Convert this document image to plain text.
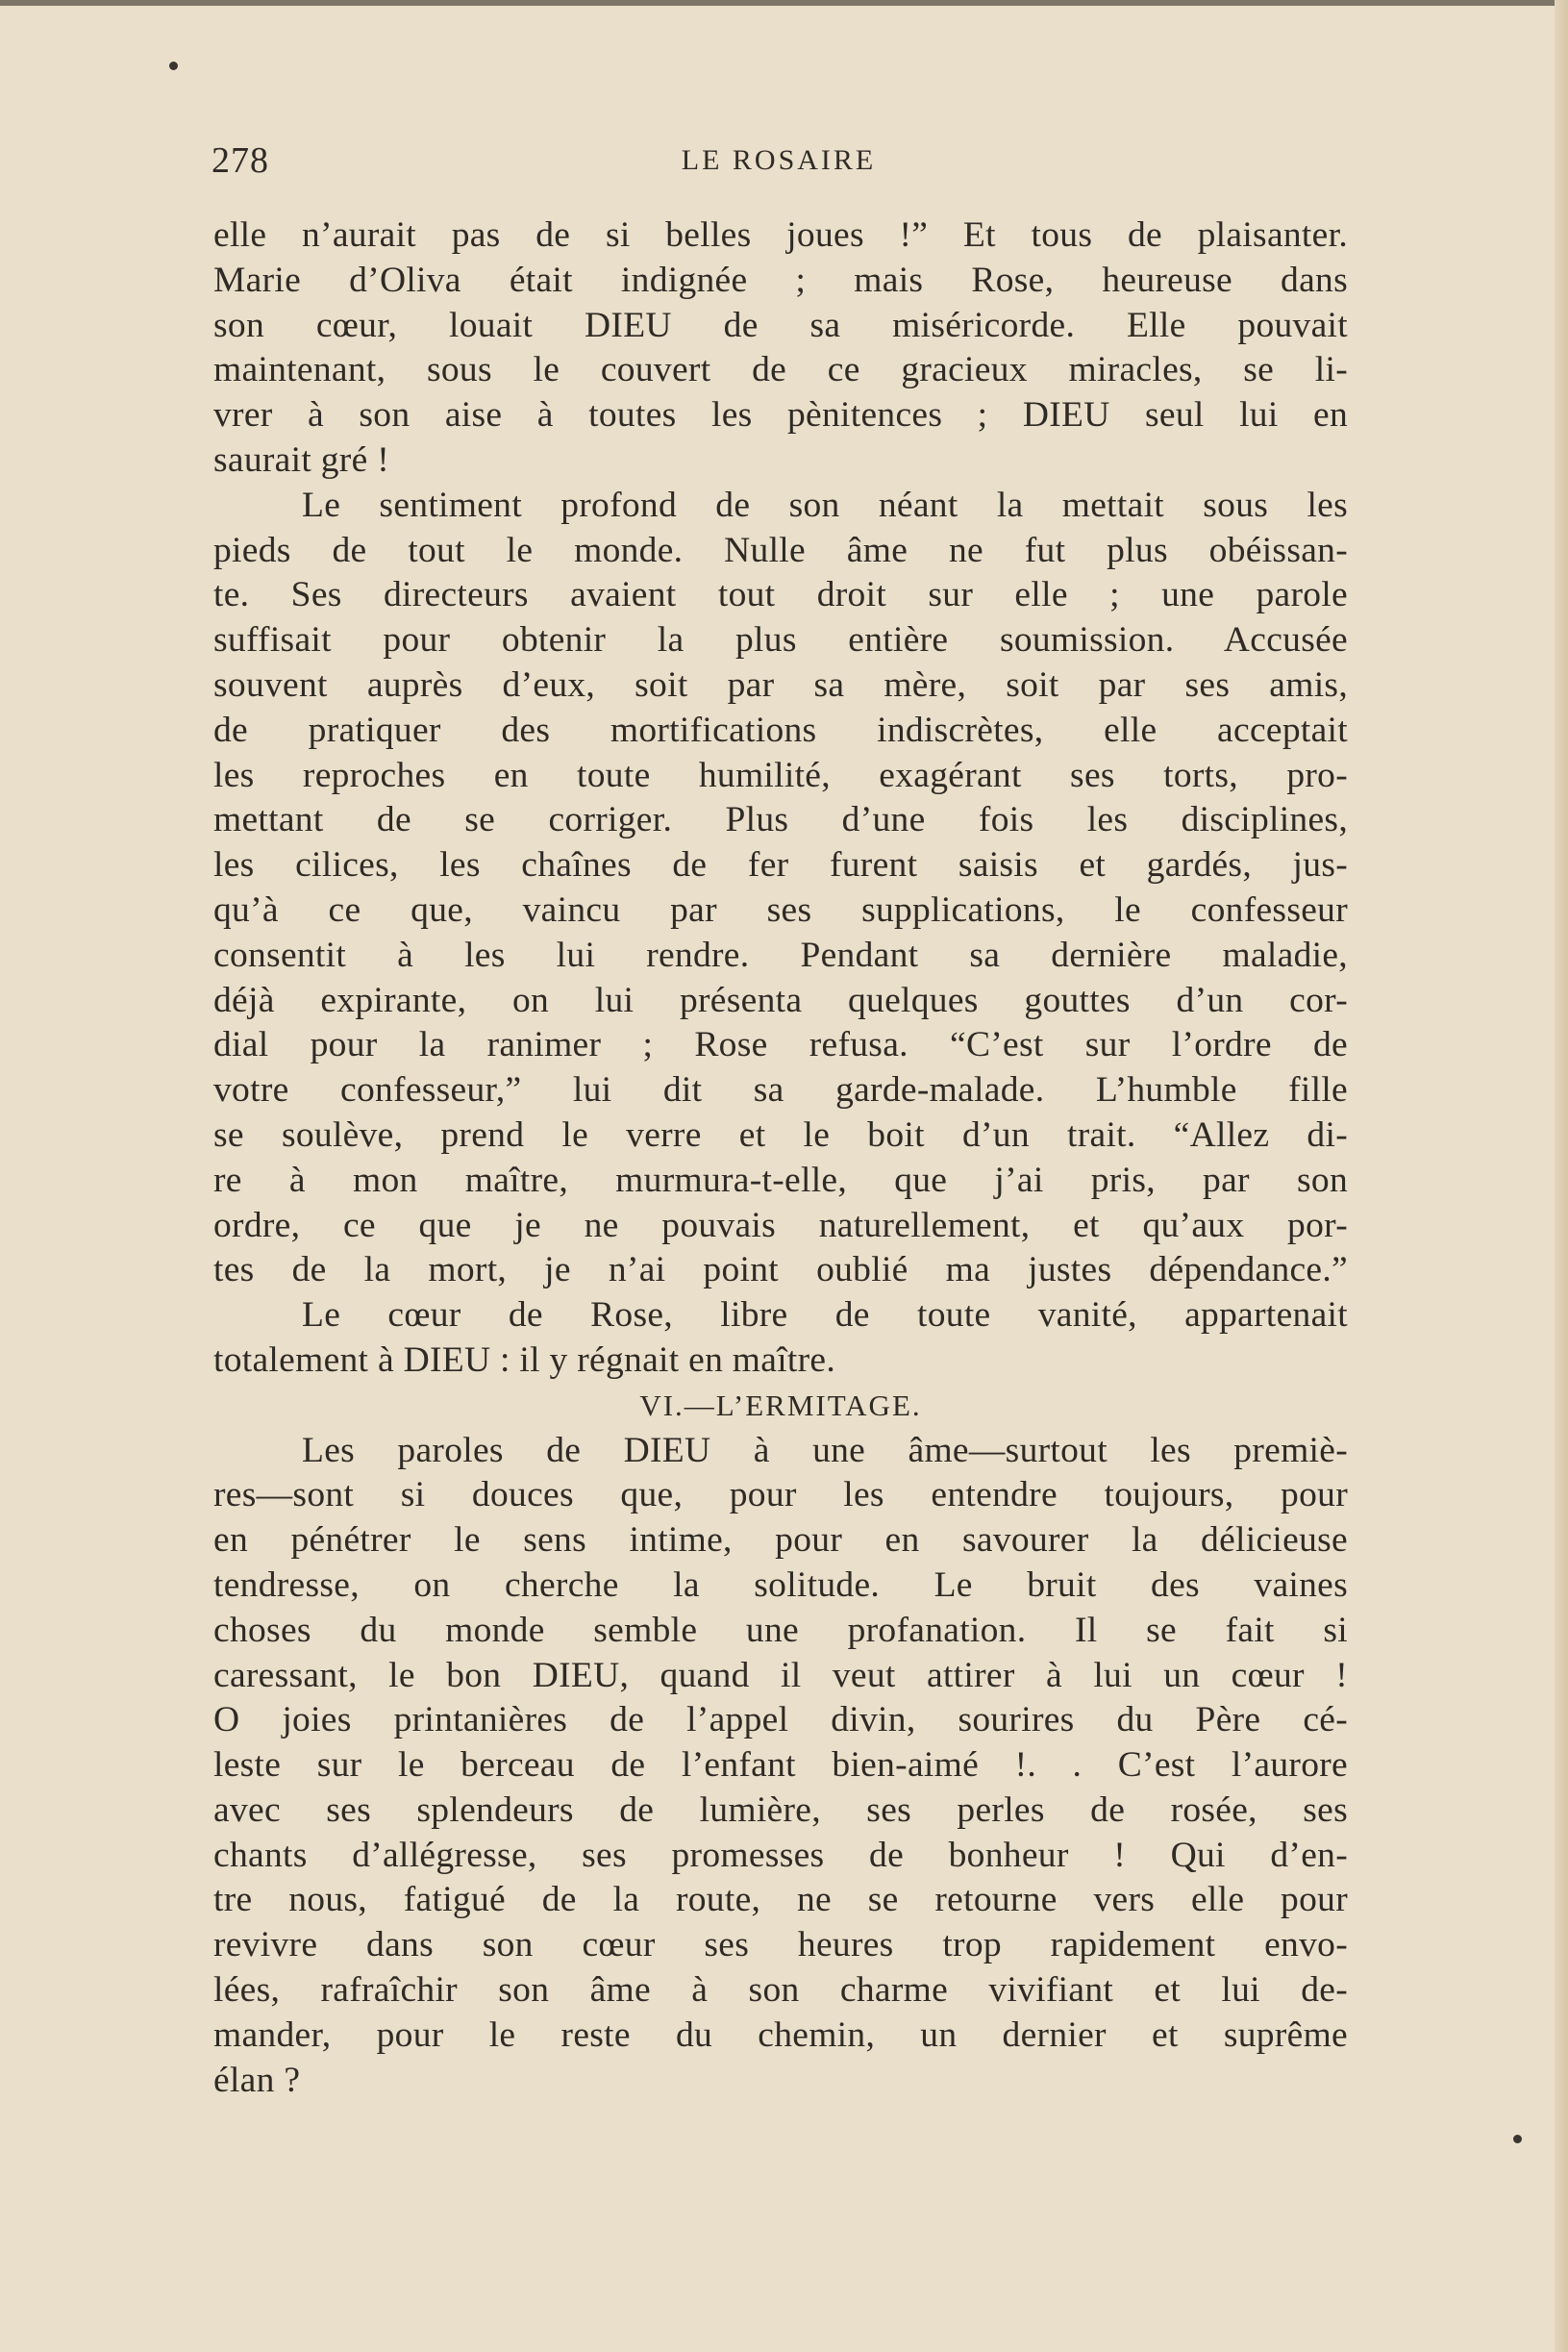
278	LE ROSAIRE
elle n’aurait pas de si belles joues !” Et tous de plaisanter.
Marie d’Oliva était indignée ; mais Rose, heureuse dans
son cœur, louait DIEU de sa miséricorde. Elle pouvait
maintenant, sous le couvert de ce gracieux miracles, se li-
vrer à son aise à toutes les pènitences ; DIEU seul lui en
saurait gré !
Le sentiment profond de son néant la mettait sous les
pieds de tout le monde. Nulle âme ne fut plus obéissan-
te. Ses directeurs avaient tout droit sur elle ; une parole
suffisait pour obtenir la plus entière soumission. Accusée
souvent auprès d’eux, soit par sa mère, soit par ses amis,
de pratiquer des mortifications indiscrètes, elle acceptait
les reproches en toute humilité, exagérant ses torts, pro-
mettant de se corriger. Plus d’une fois les disciplines,
les cilices, les chaînes de fer furent saisis et gardés, jus-
qu’à ce que, vaincu par ses supplications, le confesseur
consentit à les lui rendre. Pendant sa dernière maladie,
déjà expirante, on lui présenta quelques gouttes d’un cor-
dial pour la ranimer ; Rose refusa. “C’est sur l’ordre de
votre confesseur,” lui dit sa garde-malade. L’humble fille
se soulève, prend le verre et le boit d’un trait. “Allez di-
re à mon maître, murmura-t-elle, que j’ai pris, par son
ordre, ce que je ne pouvais naturellement, et qu’aux por-
tes de la mort, je n’ai point oublié ma justes dépendance.”
Le cœur de Rose, libre de toute vanité, appartenait
totalement à DIEU : il y régnait en maître.
VI.—L’ERMITAGE.
Les paroles de DIEU à une âme—surtout les premiè-
res—sont si douces que, pour les entendre toujours, pour
en pénétrer le sens intime, pour en savourer la délicieuse
tendresse, on cherche la solitude. Le bruit des vaines
choses du monde semble une profanation. Il se fait si
caressant, le bon DIEU, quand il veut attirer à lui un cœur !
O joies printanières de l’appel divin, sourires du Père cé-
leste sur le berceau de l’enfant bien-aimé !. . C’est l’aurore
avec ses splendeurs de lumière, ses perles de rosée, ses
chants d’allégresse, ses promesses de bonheur ! Qui d’en-
tre nous, fatigué de la route, ne se retourne vers elle pour
revivre dans son cœur ses heures trop rapidement envo-
lées, rafraîchir son âme à son charme vivifiant et lui de-
mander, pour le reste du chemin, un dernier et suprême
élan ?
